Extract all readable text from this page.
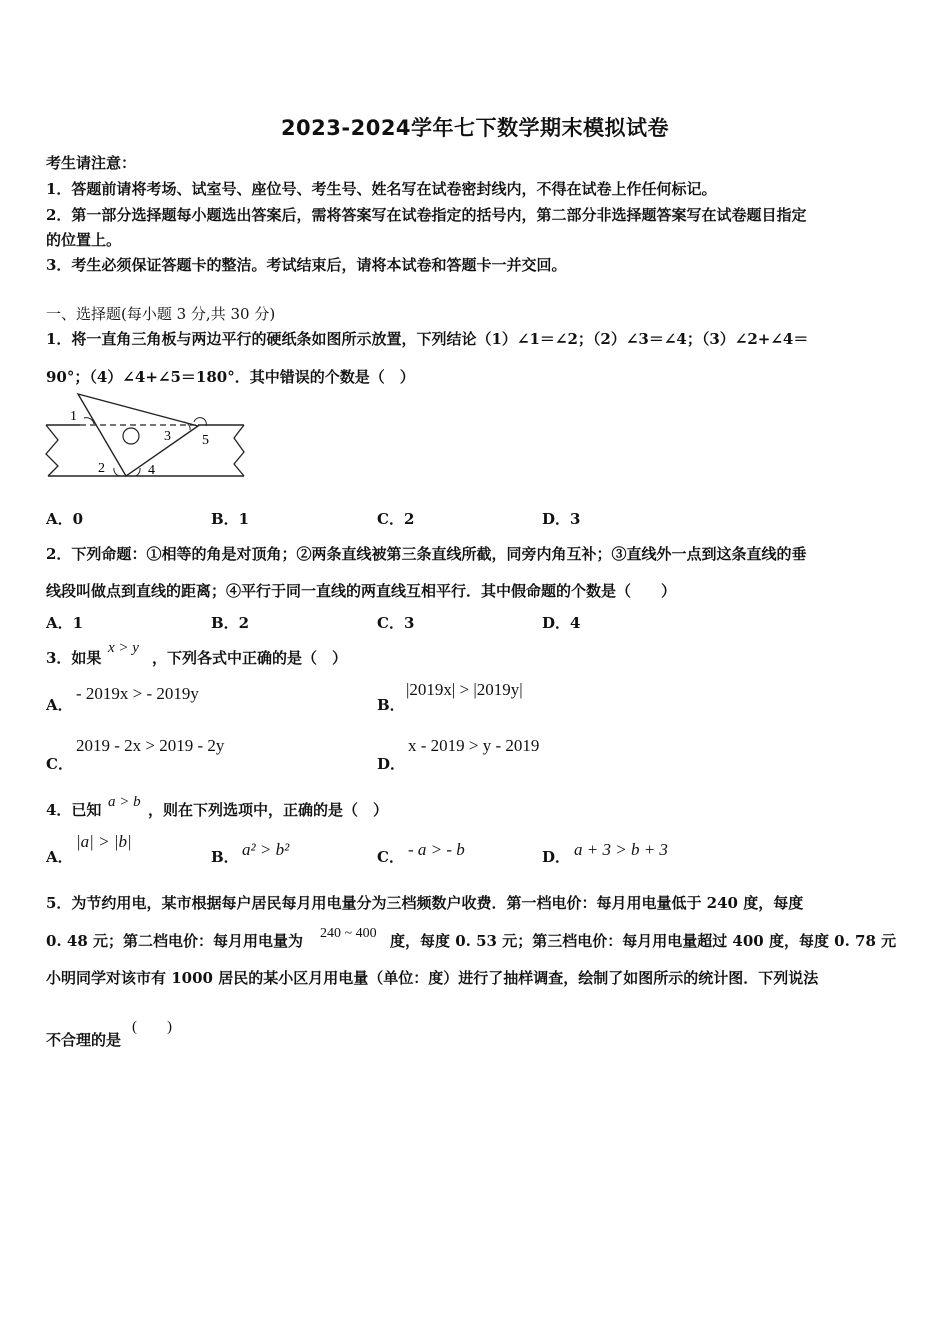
2023-2024学年七下数学期末模拟试卷
考生请注意：
1．答题前请将考场、试室号、座位号、考生号、姓名写在试卷密封线内，不得在试卷上作任何标记。
2．第一部分选择题每小题选出答案后，需将答案写在试卷指定的括号内，第二部分非选择题答案写在试卷题目指定
的位置上。
3．考生必须保证答题卡的整洁。考试结束后，请将本试卷和答题卡一并交回。
一、选择题(每小题 3 分,共 30 分)
1．将一直角三角板与两边平行的硬纸条如图所示放置，下列结论（1）∠1＝∠2；（2）∠3＝∠4；（3）∠2+∠4＝
90°；（4）∠4+∠5＝180°．其中错误的个数是（　）
1
2
3
4
5
A．0	B．1	C．2	D．3
2．下列命题：①相等的角是对顶角；②两条直线被第三条直线所截，同旁内角互补；③直线外一点到这条直线的垂
线段叫做点到直线的距离；④平行于同一直线的两直线互相平行．其中假命题的个数是（　　）
A．1	B．2	C．3	D．4
3．如果
x > y
，下列各式中正确的是（　）
A．
- 2019x > - 2019y
B．
|2019x| > |2019y|
C．
2019 - 2x > 2019 - 2y
D．
x - 2019 > y - 2019
4．已知 a > b ，则在下列选项中，正确的是（　）
A．
|a| > |b|
B． a² > b²	C． - a > - b	D． a + 3 > b + 3
5．为节约用电，某市根据每户居民每月用电量分为三档频数户收费．第一档电价：每月用电量低于 240 度，每度
0. 48 元；第二档电价：每月用电量为 240 ~ 400 度，每度 0. 53 元；第三档电价：每月用电量超过 400 度，每度 0. 78 元
小明同学对该市有 1000 居民的某小区月用电量（单位：度）进行了抽样调查，绘制了如图所示的统计图．下列说法
不合理的是
(　　)
